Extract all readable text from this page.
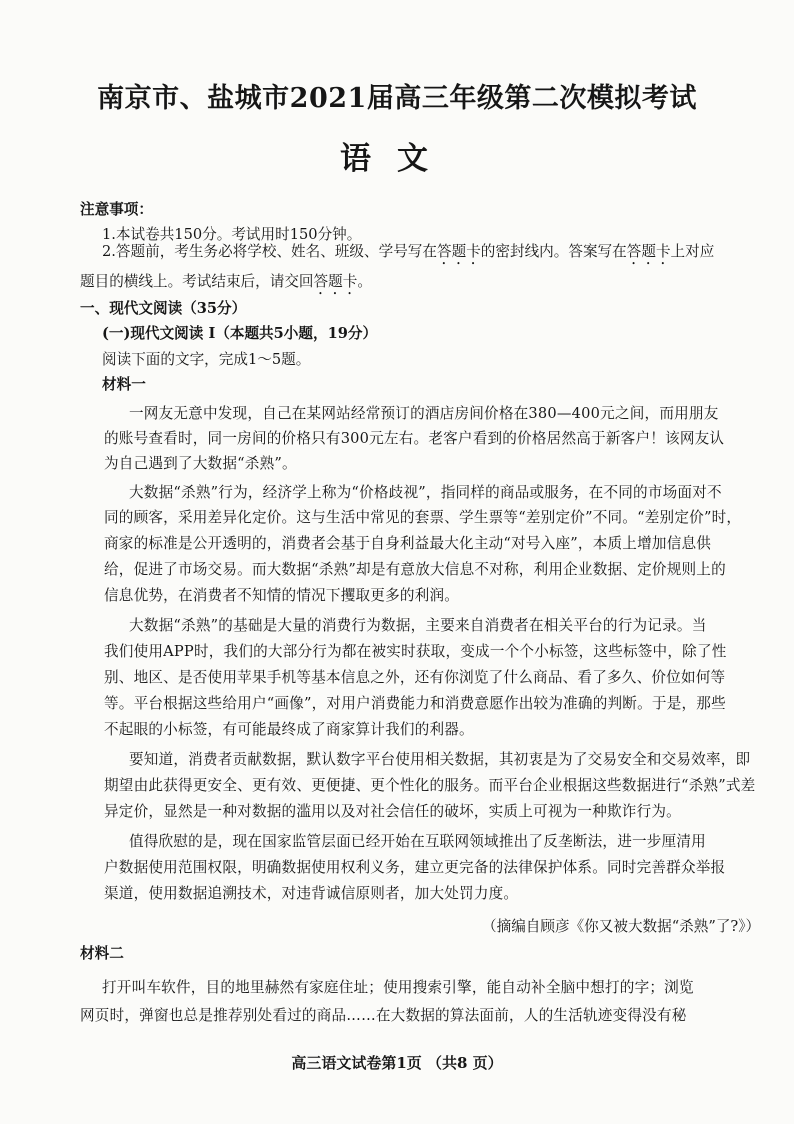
南京市、盐城市2021届高三年级第二次模拟考试
语文
注意事项：
1.本试卷共150分。考试用时150分钟。
2.答题前，考生务必将学校、姓名、班级、学号写在答题卡的密封线内。答案写在答题卡上对应
题目的横线上。考试结束后，请交回答题卡。
一、现代文阅读（35分）
(一)现代文阅读 I（本题共5小题，19分）
阅读下面的文字，完成1～5题。
材料一
一网友无意中发现，自己在某网站经常预订的酒店房间价格在380—400元之间，而用朋友
的账号查看时，同一房间的价格只有300元左右。老客户看到的价格居然高于新客户！该网友认
为自己遇到了大数据“杀熟”。
大数据“杀熟”行为，经济学上称为“价格歧视”，指同样的商品或服务，在不同的市场面对不
同的顾客，采用差异化定价。这与生活中常见的套票、学生票等“差别定价”不同。“差别定价”时，
商家的标准是公开透明的，消费者会基于自身利益最大化主动“对号入座”，本质上增加信息供
给，促进了市场交易。而大数据“杀熟”却是有意放大信息不对称，利用企业数据、定价规则上的
信息优势，在消费者不知情的情况下攫取更多的利润。
大数据“杀熟”的基础是大量的消费行为数据，主要来自消费者在相关平台的行为记录。当
我们使用APP时，我们的大部分行为都在被实时获取，变成一个个小标签，这些标签中，除了性
别、地区、是否使用苹果手机等基本信息之外，还有你浏览了什么商品、看了多久、价位如何等
等。平台根据这些给用户“画像”，对用户消费能力和消费意愿作出较为准确的判断。于是，那些
不起眼的小标签，有可能最终成了商家算计我们的利器。
要知道，消费者贡献数据，默认数字平台使用相关数据，其初衷是为了交易安全和交易效率，即
期望由此获得更安全、更有效、更便捷、更个性化的服务。而平台企业根据这些数据进行“杀熟”式差
异定价，显然是一种对数据的滥用以及对社会信任的破坏，实质上可视为一种欺诈行为。
值得欣慰的是，现在国家监管层面已经开始在互联网领域推出了反垄断法，进一步厘清用
户数据使用范围权限，明确数据使用权利义务，建立更完备的法律保护体系。同时完善群众举报
渠道，使用数据追溯技术，对违背诚信原则者，加大处罚力度。
（摘编自顾彦《你又被大数据“杀熟”了?》）
材料二
打开叫车软件，目的地里赫然有家庭住址；使用搜索引擎，能自动补全脑中想打的字；浏览
网页时，弹窗也总是推荐别处看过的商品……在大数据的算法面前，人的生活轨迹变得没有秘
高三语文试卷第1页 （共8 页）
